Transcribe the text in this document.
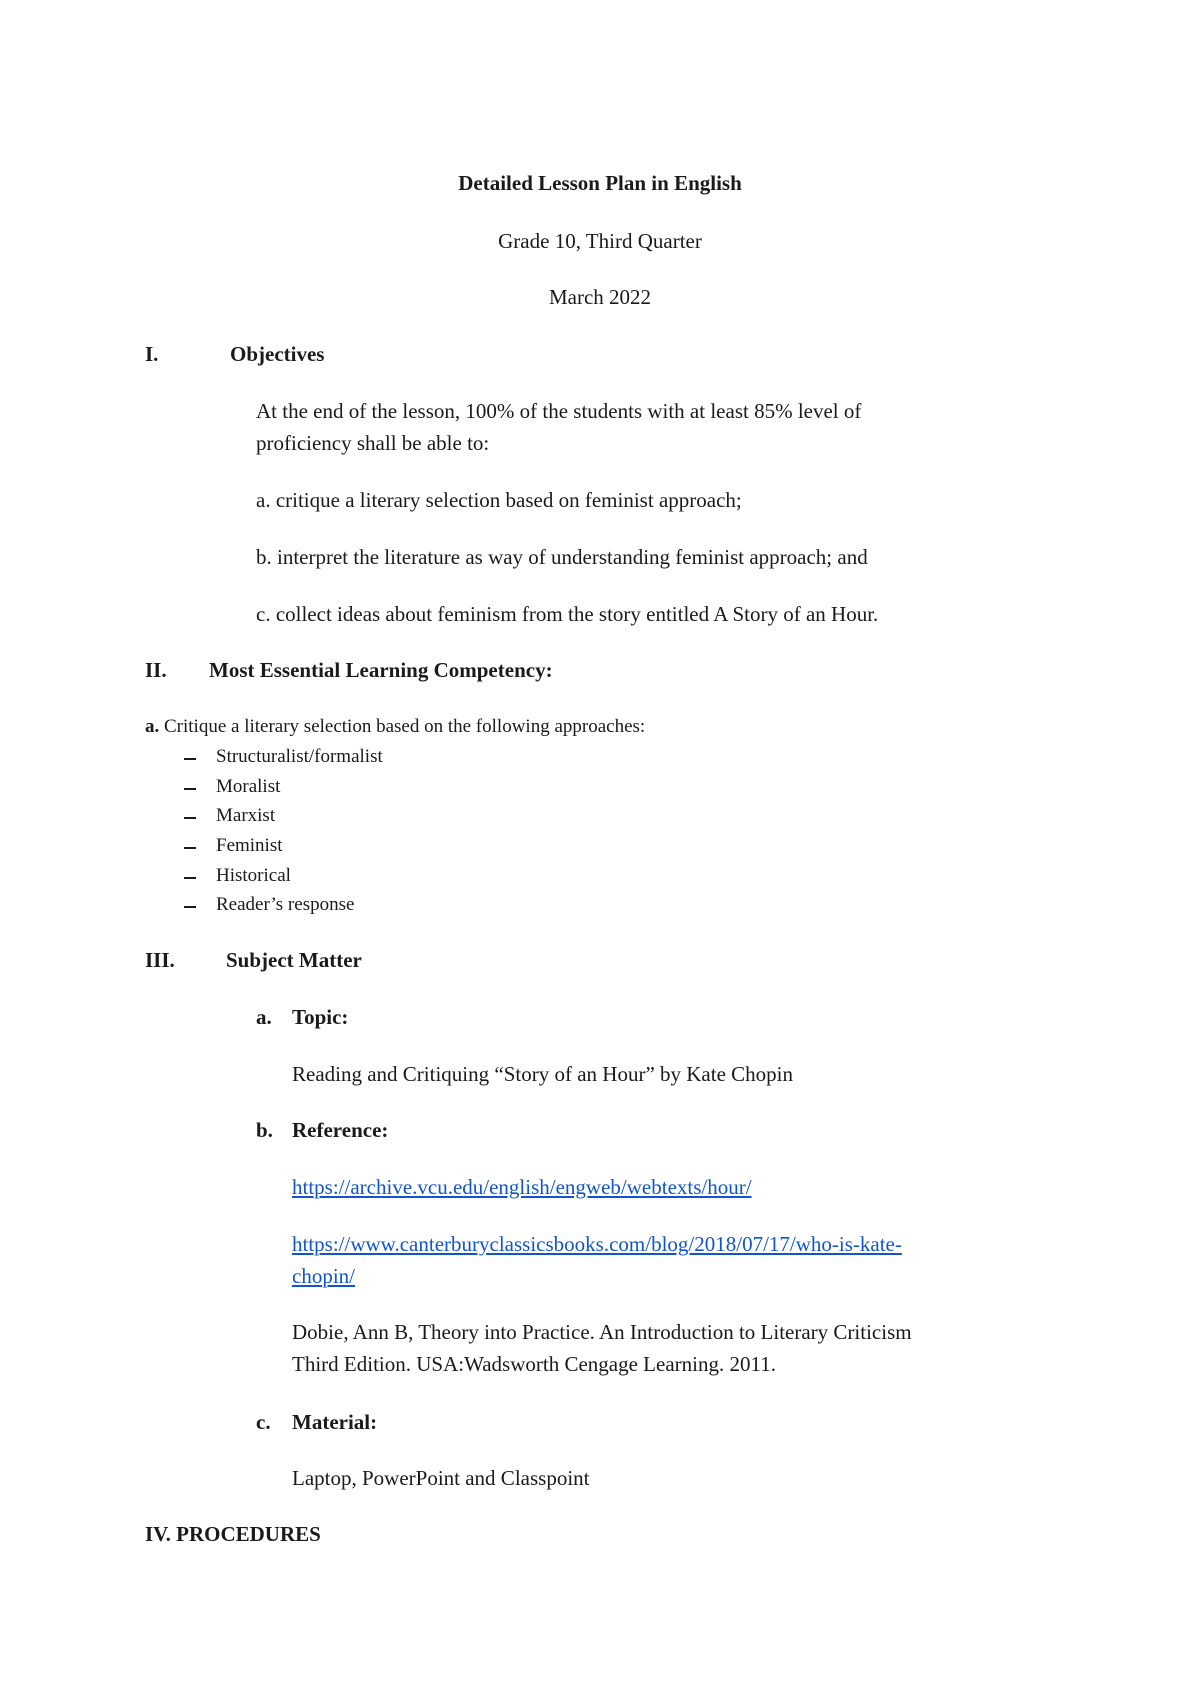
Detailed Lesson Plan in English
Grade 10, Third Quarter
March 2022
I.	Objectives
At the end of the lesson, 100% of the students with at least 85% level of
proficiency shall be able to:
a. critique a literary selection based on feminist approach;
b. interpret the literature as way of understanding feminist approach; and
c. collect ideas about feminism from the story entitled A Story of an Hour.
II. Most Essential Learning Competency:
a. Critique a literary selection based on the following approaches:
Structuralist/formalist
Moralist
Marxist
Feminist
Historical
Reader’s response
III. Subject Matter
a. Topic:
Reading and Critiquing “Story of an Hour” by Kate Chopin
b. Reference:
https://archive.vcu.edu/english/engweb/webtexts/hour/
https://www.canterburyclassicsbooks.com/blog/2018/07/17/who-is-kate-
chopin/
Dobie, Ann B, Theory into Practice. An Introduction to Literary Criticism
Third Edition. USA:Wadsworth Cengage Learning. 2011.
c. Material:
Laptop, PowerPoint and Classpoint
IV. PROCEDURES
